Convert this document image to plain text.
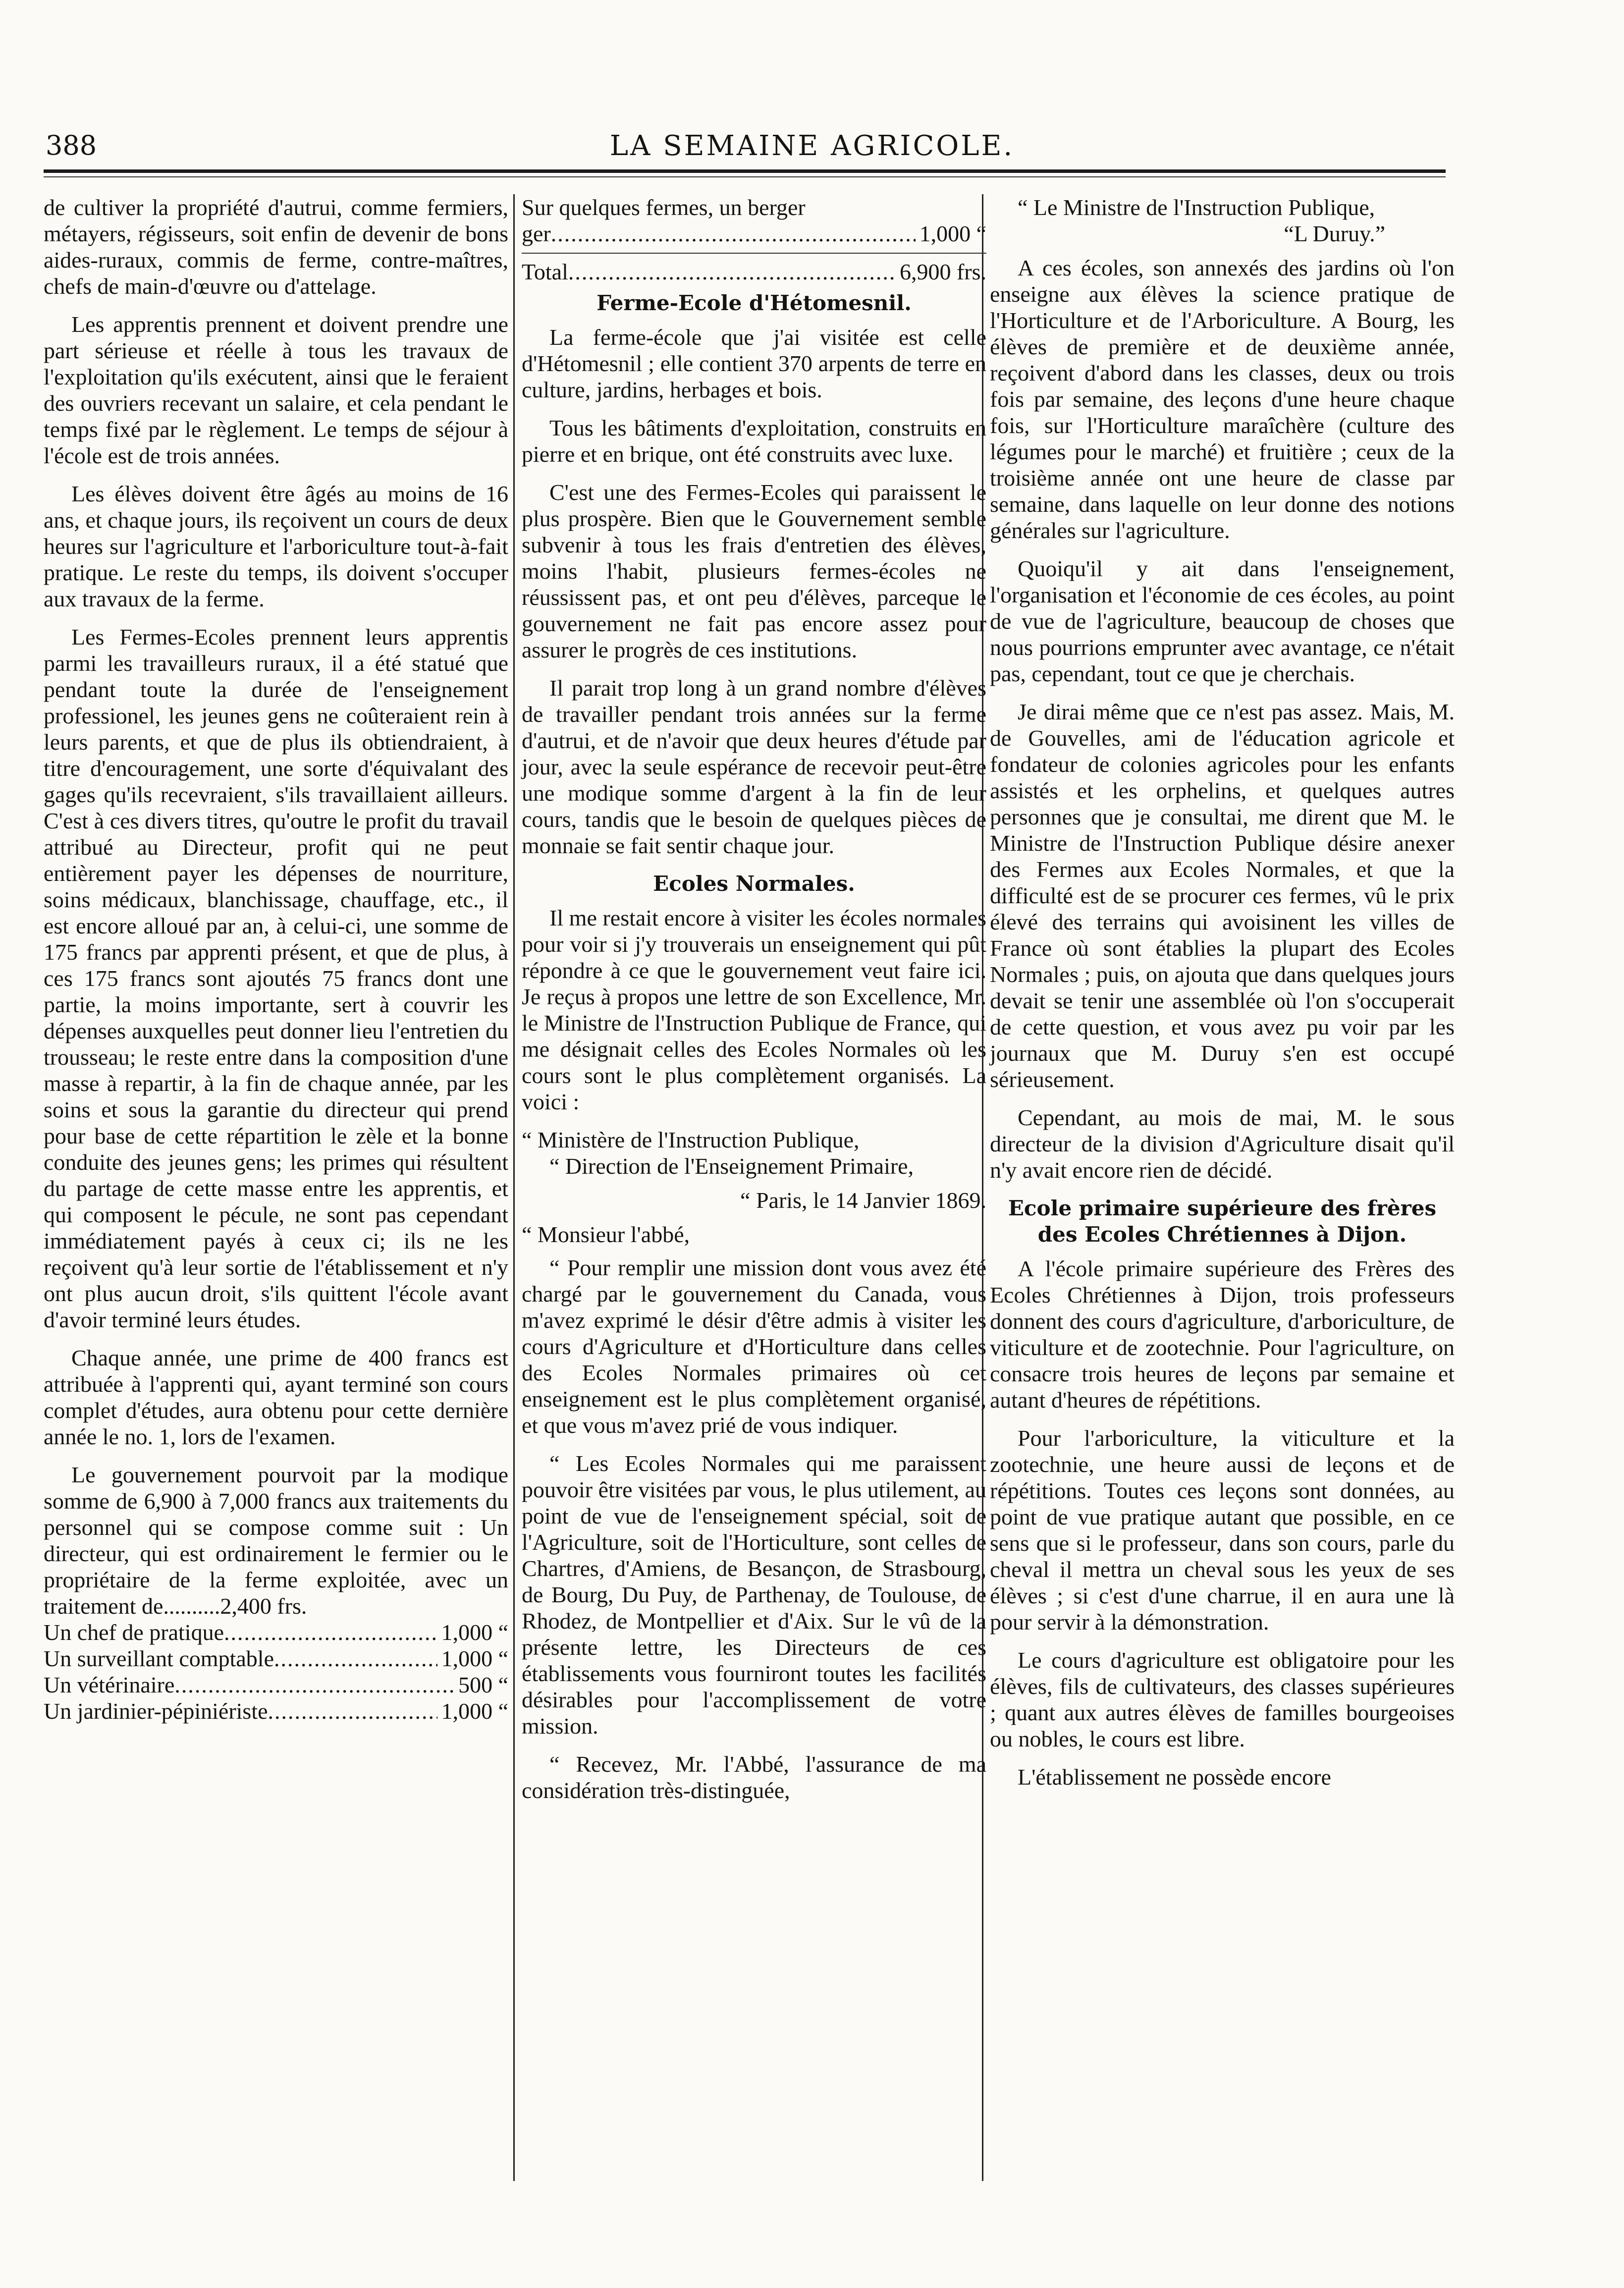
388	LA SEMAINE AGRICOLE.

de cultiver la propriété d'autrui, comme fermiers, métayers, régisseurs, soit enfin de devenir de bons aides-ruraux, commis de ferme, contre-maîtres, chefs de main-d'œuvre ou d'attelage.

Les apprentis prennent et doivent prendre une part sérieuse et réelle à tous les travaux de l'exploitation qu'ils exécutent, ainsi que le feraient des ouvriers recevant un salaire, et cela pendant le temps fixé par le règlement. Le temps de séjour à l'école est de trois années.

Les élèves doivent être âgés au moins de 16 ans, et chaque jours, ils reçoivent un cours de deux heures sur l'agriculture et l'arboriculture tout-à-fait pratique. Le reste du temps, ils doivent s'occuper aux travaux de la ferme.

Les Fermes-Ecoles prennent leurs apprentis parmi les travailleurs ruraux, il a été statué que pendant toute la durée de l'enseignement professionel, les jeunes gens ne coûteraient rein à leurs parents, et que de plus ils obtiendraient, à titre d'encouragement, une sorte d'équivalant des gages qu'ils recevraient, s'ils travaillaient ailleurs. C'est à ces divers titres, qu'outre le profit du travail attribué au Directeur, profit qui ne peut entièrement payer les dépenses de nourriture, soins médicaux, blanchissage, chauffage, etc., il est encore alloué par an, à celui-ci, une somme de 175 francs par apprenti présent, et que de plus, à ces 175 francs sont ajoutés 75 francs dont une partie, la moins importante, sert à couvrir les dépenses auxquelles peut donner lieu l'entretien du trousseau; le reste entre dans la composition d'une masse à repartir, à la fin de chaque année, par les soins et sous la garantie du directeur qui prend pour base de cette répartition le zèle et la bonne conduite des jeunes gens; les primes qui résultent du partage de cette masse entre les apprentis, et qui composent le pécule, ne sont pas cependant immédiatement payés à ceux ci; ils ne les reçoivent qu'à leur sortie de l'établissement et n'y ont plus aucun droit, s'ils quittent l'école avant d'avoir terminé leurs études.

Chaque année, une prime de 400 francs est attribuée à l'apprenti qui, ayant terminé son cours complet d'études, aura obtenu pour cette dernière année le no. 1, lors de l'examen.

Le gouvernement pourvoit par la modique somme de 6,900 à 7,000 francs aux traitements du personnel qui se compose comme suit : Un directeur, qui est ordinairement le fermier ou le propriétaire de la ferme exploitée, avec un traitement de..........2,400 frs.

Un chef de pratique .....	1,000 “
Un surveillant comptable .....	1,000 “
Un vétérinaire .....	500 “
Un jardinier-pépiniériste .....	1,000 “

Sur quelques fermes, un berger

ger .....	1,000 “
Total .....	6,900 frs.
Ferme-Ecole d'Hétomesnil.

La ferme-école que j'ai visitée est celle d'Hétomesnil ; elle contient 370 arpents de terre en culture, jardins, herbages et bois.

Tous les bâtiments d'exploitation, construits en pierre et en brique, ont été construits avec luxe.

C'est une des Fermes-Ecoles qui paraissent le plus prospère. Bien que le Gouvernement semble subvenir à tous les frais d'entretien des élèves, moins l'habit, plusieurs fermes-écoles ne réussissent pas, et ont peu d'élèves, parceque le gouvernement ne fait pas encore assez pour assurer le progrès de ces institutions.

Il parait trop long à un grand nombre d'élèves de travailler pendant trois années sur la ferme d'autrui, et de n'avoir que deux heures d'étude par jour, avec la seule espérance de recevoir peut-être une modique somme d'argent à la fin de leur cours, tandis que le besoin de quelques pièces de monnaie se fait sentir chaque jour.

Ecoles Normales.

Il me restait encore à visiter les écoles normales pour voir si j'y trouverais un enseignement qui pût répondre à ce que le gouvernement veut faire ici. Je reçus à propos une lettre de son Excellence, Mr. le Ministre de l'Instruction Publique de France, qui me désignait celles des Ecoles Normales où les cours sont le plus complètement organisés. La voici :

“ Ministère de l'Instruction Publique,

“ Direction de l'Enseignement Primaire,

“ Paris, le 14 Janvier 1869.

“ Monsieur l'abbé,

“ Pour remplir une mission dont vous avez été chargé par le gouvernement du Canada, vous m'avez exprimé le désir d'être admis à visiter les cours d'Agriculture et d'Horticulture dans celles des Ecoles Normales primaires où cet enseignement est le plus complètement organisé, et que vous m'avez prié de vous indiquer.

“ Les Ecoles Normales qui me paraissent pouvoir être visitées par vous, le plus utilement, au point de vue de l'enseignement spécial, soit de l'Agriculture, soit de l'Horticulture, sont celles de Chartres, d'Amiens, de Besançon, de Strasbourg, de Bourg, Du Puy, de Parthenay, de Toulouse, de Rhodez, de Montpellier et d'Aix. Sur le vû de la présente lettre, les Directeurs de ces établissements vous fourniront toutes les facilités désirables pour l'accomplissement de votre mission.

“ Recevez, Mr. l'Abbé, l'assurance de ma considération très-distinguée,

“ Le Ministre de l'Instruction Publique,

“L Duruy.”

A ces écoles, son annexés des jardins où l'on enseigne aux élèves la science pratique de l'Horticulture et de l'Arboriculture. A Bourg, les élèves de première et de deuxième année, reçoivent d'abord dans les classes, deux ou trois fois par semaine, des leçons d'une heure chaque fois, sur l'Horticulture maraîchère (culture des légumes pour le marché) et fruitière ; ceux de la troisième année ont une heure de classe par semaine, dans laquelle on leur donne des notions générales sur l'agriculture.

Quoiqu'il y ait dans l'enseignement, l'organisation et l'économie de ces écoles, au point de vue de l'agriculture, beaucoup de choses que nous pourrions emprunter avec avantage, ce n'était pas, cependant, tout ce que je cherchais.

Je dirai même que ce n'est pas assez. Mais, M. de Gouvelles, ami de l'éducation agricole et fondateur de colonies agricoles pour les enfants assistés et les orphelins, et quelques autres personnes que je consultai, me dirent que M. le Ministre de l'Instruction Publique désire anexer des Fermes aux Ecoles Normales, et que la difficulté est de se procurer ces fermes, vû le prix élevé des terrains qui avoisinent les villes de France où sont établies la plupart des Ecoles Normales ; puis, on ajouta que dans quelques jours devait se tenir une assemblée où l'on s'occuperait de cette question, et vous avez pu voir par les journaux que M. Duruy s'en est occupé sérieusement.

Cependant, au mois de mai, M. le sous directeur de la division d'Agriculture disait qu'il n'y avait encore rien de décidé.

Ecole primaire supérieure des frères des Ecoles Chrétiennes à Dijon.

A l'école primaire supérieure des Frères des Ecoles Chrétiennes à Dijon, trois professeurs donnent des cours d'agriculture, d'arboriculture, de viticulture et de zootechnie. Pour l'agriculture, on consacre trois heures de leçons par semaine et autant d'heures de répétitions.

Pour l'arboriculture, la viticulture et la zootechnie, une heure aussi de leçons et de répétitions. Toutes ces leçons sont données, au point de vue pratique autant que possible, en ce sens que si le professeur, dans son cours, parle du cheval il mettra un cheval sous les yeux de ses élèves ; si c'est d'une charrue, il en aura une là pour servir à la démonstration.

Le cours d'agriculture est obligatoire pour les élèves, fils de cultivateurs, des classes supérieures ; quant aux autres élèves de familles bourgeoises ou nobles, le cours est libre.

L'établissement ne possède encore
